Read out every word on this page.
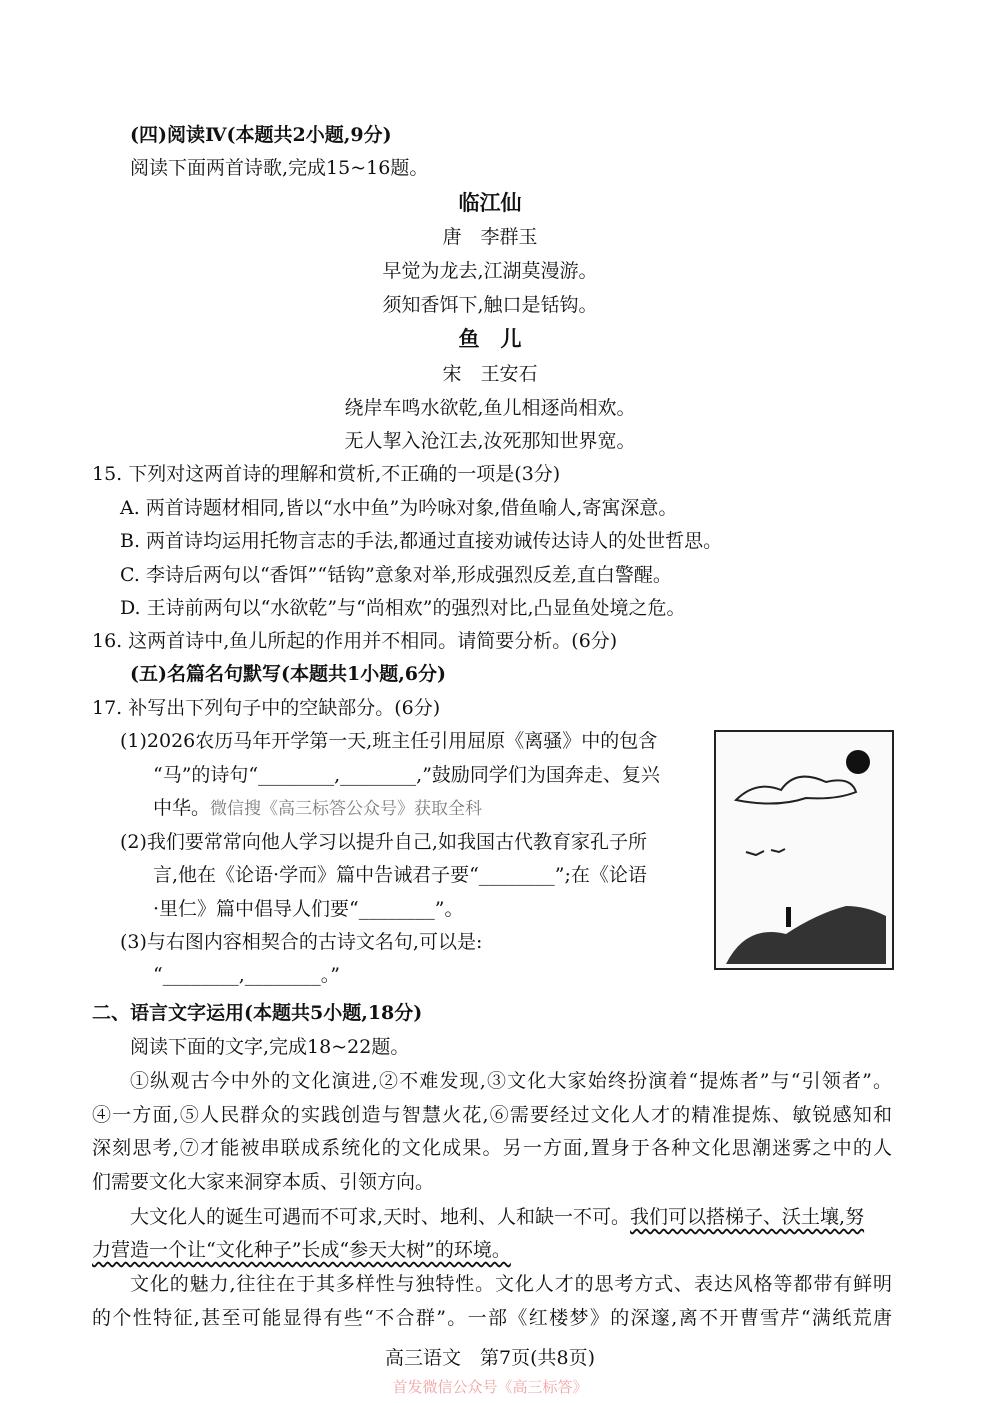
(四)阅读Ⅳ(本题共2小题,9分)
阅读下面两首诗歌,完成15~16题。
临江仙
唐　李群玉
早觉为龙去,江湖莫漫游。
须知香饵下,触口是铦钩。
鱼　儿
宋　王安石
绕岸车鸣水欲乾,鱼儿相逐尚相欢。
无人挈入沧江去,汝死那知世界宽。
15. 下列对这两首诗的理解和赏析,不正确的一项是(3分)
A. 两首诗题材相同,皆以“水中鱼”为吟咏对象,借鱼喻人,寄寓深意。
B. 两首诗均运用托物言志的手法,都通过直接劝诫传达诗人的处世哲思。
C. 李诗后两句以“香饵”“铦钩”意象对举,形成强烈反差,直白警醒。
D. 王诗前两句以“水欲乾”与“尚相欢”的强烈对比,凸显鱼处境之危。
16. 这两首诗中,鱼儿所起的作用并不相同。请简要分析。(6分)
(五)名篇名句默写(本题共1小题,6分)
17. 补写出下列句子中的空缺部分。(6分)
(1)2026农历马年开学第一天,班主任引用屈原《离骚》中的包含
“马”的诗句“________,________,”鼓励同学们为国奔走、复兴
中华。微信搜《高三标答公众号》获取全科
(2)我们要常常向他人学习以提升自己,如我国古代教育家孔子所
言,他在《论语·学而》篇中告诫君子要“________”;在《论语
·里仁》篇中倡导人们要“________”。
(3)与右图内容相契合的古诗文名句,可以是:
“________,________。”
二、语言文字运用(本题共5小题,18分)
阅读下面的文字,完成18~22题。
①纵观古今中外的文化演进,②不难发现,③文化大家始终扮演着“提炼者”与“引领者”。
④一方面,⑤人民群众的实践创造与智慧火花,⑥需要经过文化人才的精准提炼、敏锐感知和
深刻思考,⑦才能被串联成系统化的文化成果。另一方面,置身于各种文化思潮迷雾之中的人
们需要文化大家来洞穿本质、引领方向。
大文化人的诞生可遇而不可求,天时、地利、人和缺一不可。我们可以搭梯子、沃土壤,努
力营造一个让“文化种子”长成“参天大树”的环境。
文化的魅力,往往在于其多样性与独特性。文化人才的思考方式、表达风格等都带有鲜明
的个性特征,甚至可能显得有些“不合群”。一部《红楼梦》的深邃,离不开曹雪芹“满纸荒唐
高三语文　第7页(共8页)
首发微信公众号《高三标答》
